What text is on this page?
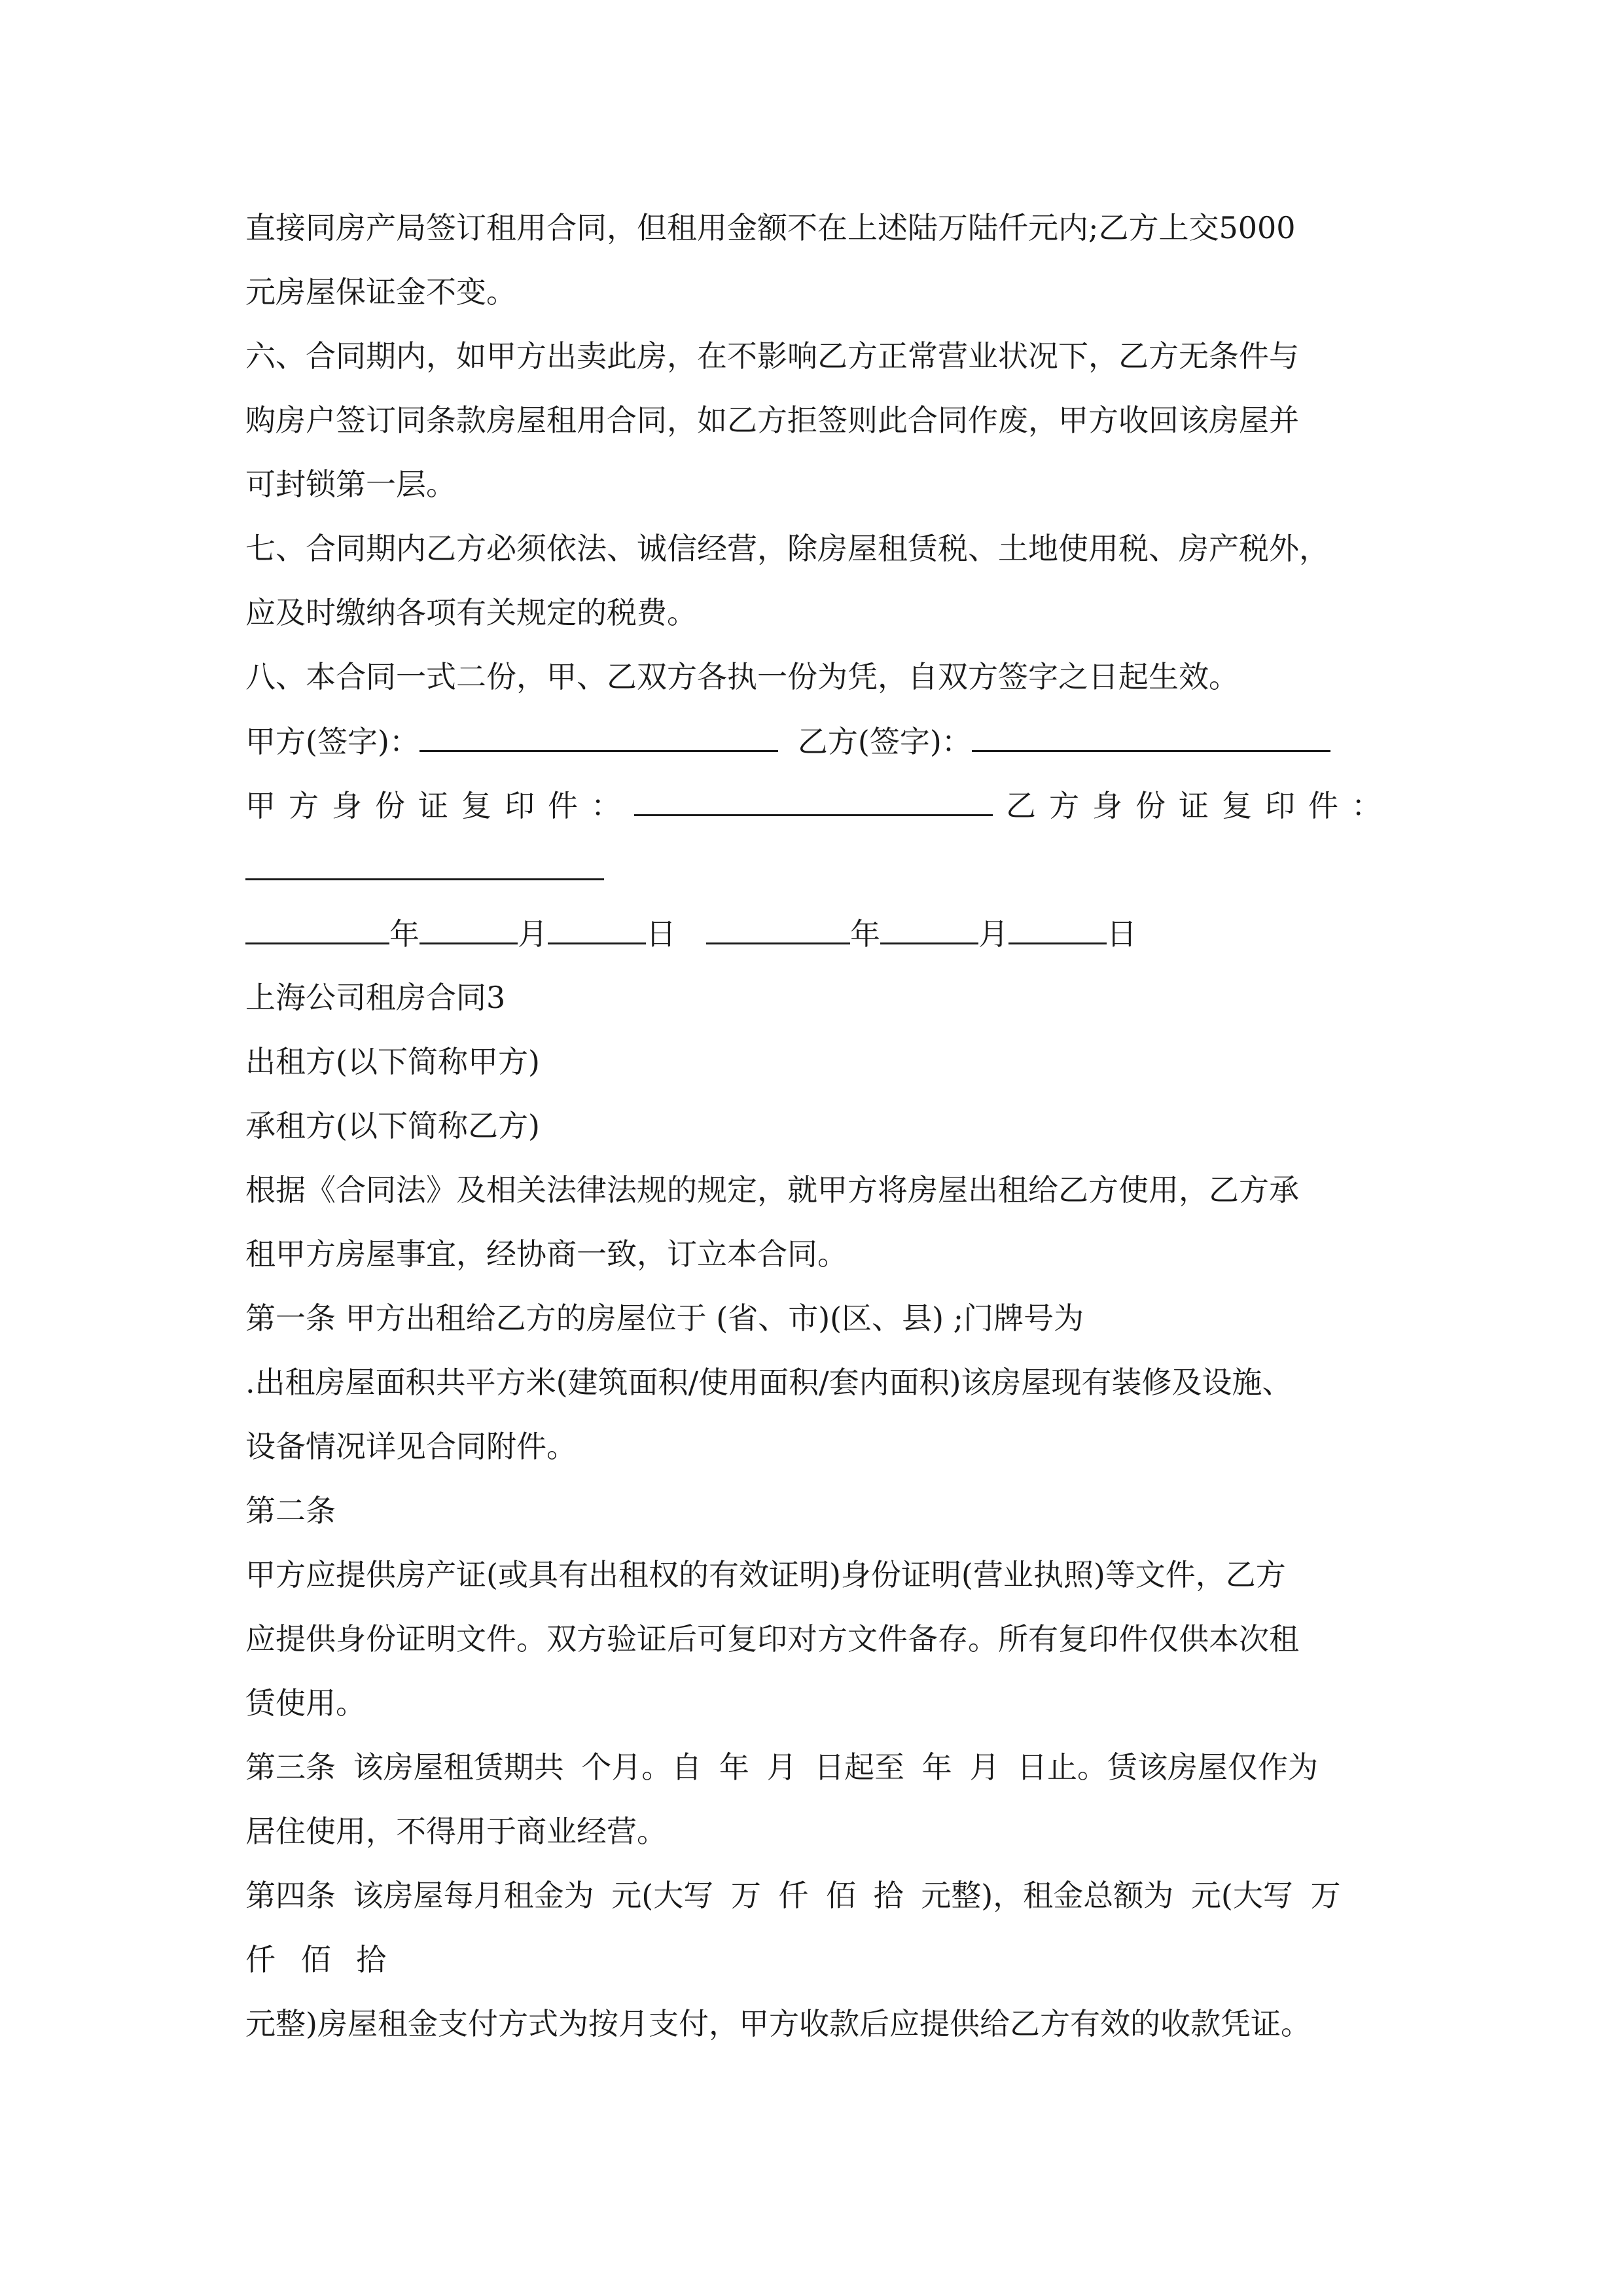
直接同房产局签订租用合同，但租用金额不在上述陆万陆仟元内;乙方上交5000
元房屋保证金不变。
六、合同期内，如甲方出卖此房，在不影响乙方正常营业状况下，乙方无条件与
购房户签订同条款房屋租用合同，如乙方拒签则此合同作废，甲方收回该房屋并
可封锁第一层。
七、合同期内乙方必须依法、诚信经营，除房屋租赁税、土地使用税、房产税外，
应及时缴纳各项有关规定的税费。
八、本合同一式二份，甲、乙双方各执一份为凭，自双方签字之日起生效。
甲方(签字)：	乙方(签字)：
甲方身份证复印件：	乙方身份证复印件：
年	月	日	年	月	日
上海公司租房合同3
出租方(以下简称甲方)
承租方(以下简称乙方)
根据《合同法》及相关法律法规的规定，就甲方将房屋出租给乙方使用，乙方承
租甲方房屋事宜，经协商一致，订立本合同。
第一条 甲方出租给乙方的房屋位于 (省、市)(区、县) ;门牌号为
.出租房屋面积共平方米(建筑面积/使用面积/套内面积)该房屋现有装修及设施、
设备情况详见合同附件。
第二条
甲方应提供房产证(或具有出租权的有效证明)身份证明(营业执照)等文件，乙方
应提供身份证明文件。双方验证后可复印对方文件备存。所有复印件仅供本次租
赁使用。
第三条 该房屋租赁期共 个月。自 年 月 日起至 年 月 日止。赁该房屋仅作为
居住使用，不得用于商业经营。
第四条 该房屋每月租金为 元(大写 万 仟 佰 拾 元整)，租金总额为 元(大写 万
仟 佰 拾
元整)房屋租金支付方式为按月支付，甲方收款后应提供给乙方有效的收款凭证。
